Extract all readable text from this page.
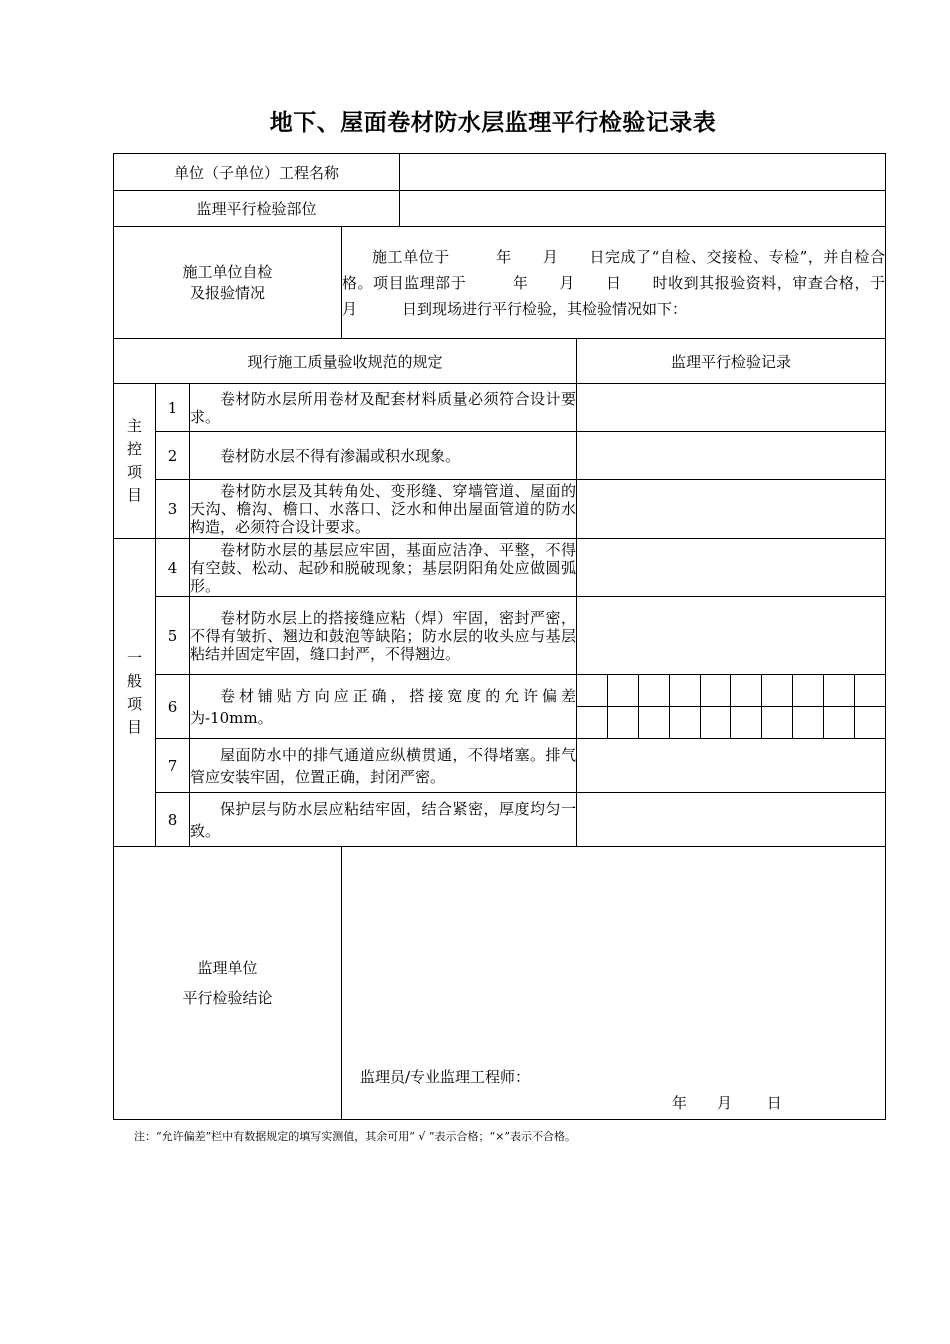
地下、屋面卷材防水层监理平行检验记录表
单位（子单位）工程名称	
监理平行检验部位	

施工单位自检
及报验情况
	施工单位于　　　年　　月　　日完成了“自检、交接检、专检”，并自检合格。项目监理部于　　　年　　月　　日　　时收到其报验资料，审查合格，于　　　月　　　日到现场进行平行检验，其检验情况如下：
现行施工质量验收规范的规定	监理平行检验记录

主
控
项
目
	1	卷材防水层所用卷材及配套材料质量必须符合设计要求。	
2	卷材防水层不得有渗漏或积水现象。	
3	卷材防水层及其转角处、变形缝、穿墙管道、屋面的天沟、檐沟、檐口、水落口、泛水和伸出屋面管道的防水构造，必须符合设计要求。	

一
般
项
目
	4	卷材防水层的基层应牢固，基面应洁净、平整，不得有空鼓、松动、起砂和脱破现象；基层阴阳角处应做圆弧形。	
5	卷材防水层上的搭接缝应粘（焊）牢固，密封严密，不得有皱折、翘边和鼓泡等缺陷；防水层的收头应与基层粘结并固定牢固，缝口封严，不得翘边。	
6	卷材铺贴方向应正确，搭接宽度的允许偏差为-10mm。	

7	屋面防水中的排气通道应纵横贯通，不得堵塞。排气管应安装牢固，位置正确，封闭严密。	
8	保护层与防水层应粘结牢固，结合紧密，厚度均匀一致。	

监理单位
平行检验结论

监理员/专业监理工程师：
年　　月　　 日
注：“允许偏差”栏中有数据规定的填写实测值，其余可用“ √ ”表示合格；“×”表示不合格。
